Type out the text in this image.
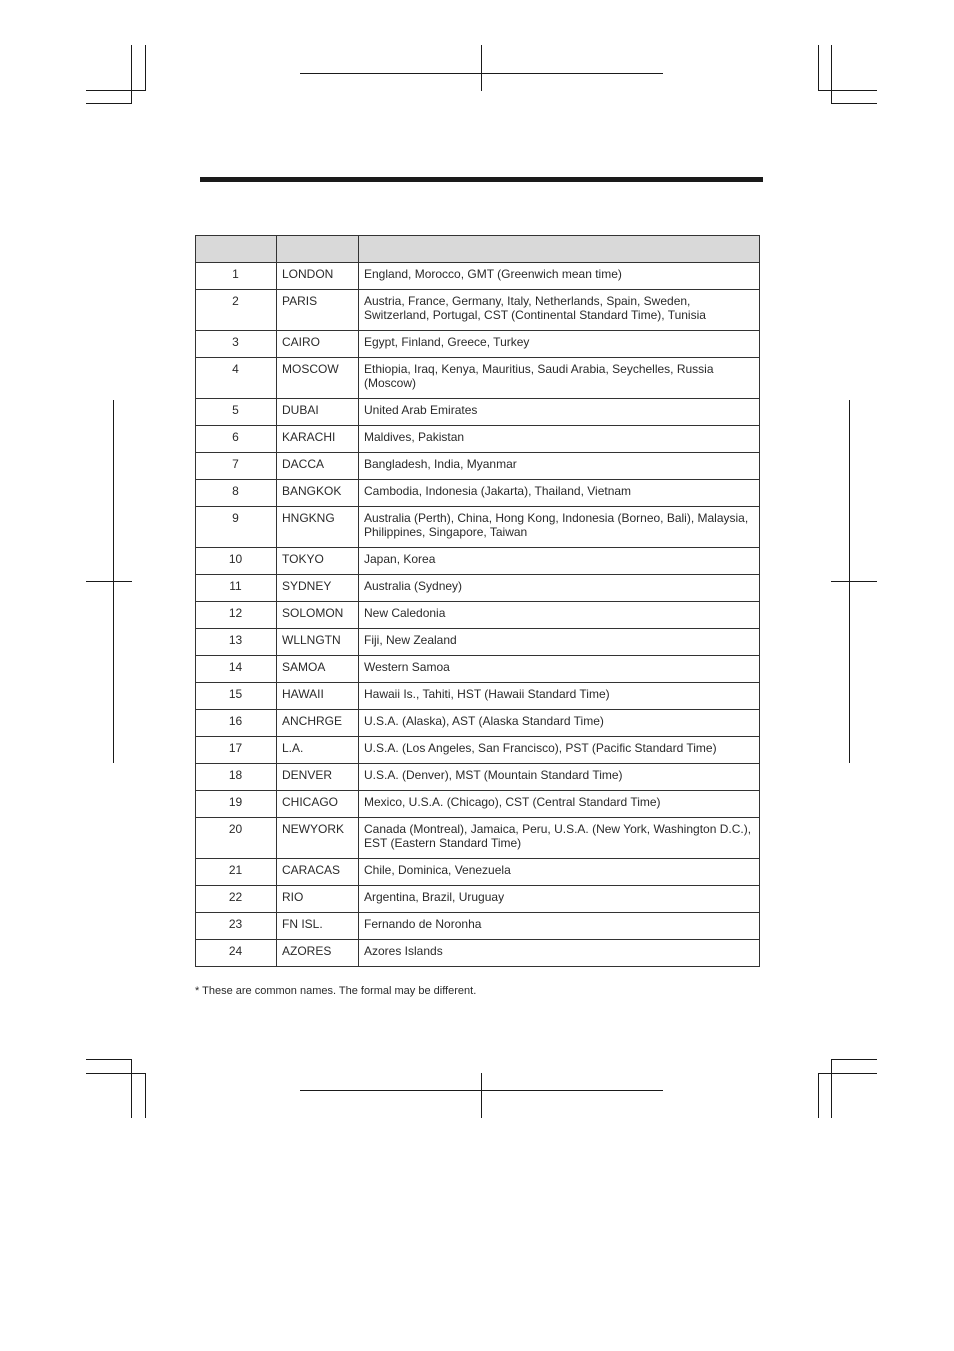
1	LONDON	England, Morocco, GMT (Greenwich mean time)
2	PARIS	Austria, France, Germany, Italy, Netherlands, Spain, Sweden, Switzerland, Portugal, CST (Continental Standard Time), Tunisia
3	CAIRO	Egypt, Finland, Greece, Turkey
4	MOSCOW	Ethiopia, Iraq, Kenya, Mauritius, Saudi Arabia, Seychelles, Russia (Moscow)
5	DUBAI	United Arab Emirates
6	KARACHI	Maldives, Pakistan
7	DACCA	Bangladesh, India, Myanmar
8	BANGKOK	Cambodia, Indonesia (Jakarta), Thailand, Vietnam
9	HNGKNG	Australia (Perth), China, Hong Kong, Indonesia (Borneo, Bali), Malaysia, Philippines, Singapore, Taiwan
10	TOKYO	Japan, Korea
11	SYDNEY	Australia (Sydney)
12	SOLOMON	New Caledonia
13	WLLNGTN	Fiji, New Zealand
14	SAMOA	Western Samoa
15	HAWAII	Hawaii Is., Tahiti, HST (Hawaii Standard Time)
16	ANCHRGE	U.S.A. (Alaska), AST (Alaska Standard Time)
17	L.A.	U.S.A. (Los Angeles, San Francisco), PST (Pacific Standard Time)
18	DENVER	U.S.A. (Denver), MST (Mountain Standard Time)
19	CHICAGO	Mexico, U.S.A. (Chicago), CST (Central Standard Time)
20	NEWYORK	Canada (Montreal), Jamaica, Peru, U.S.A. (New York, Washington D.C.), EST (Eastern Standard Time)
21	CARACAS	Chile, Dominica, Venezuela
22	RIO	Argentina, Brazil, Uruguay
23	FN ISL.	Fernando de Noronha
24	AZORES	Azores Islands
* These are common names. The formal may be different.
